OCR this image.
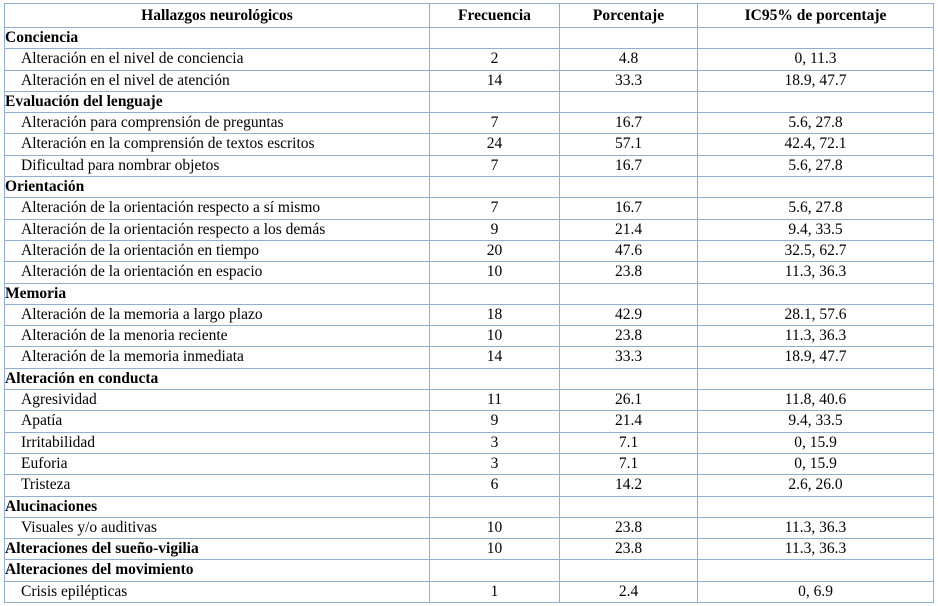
Hallazgos neurológicos	Frecuencia	Porcentaje	IC95% de porcentaje
Conciencia			
Alteración en el nivel de conciencia	2	4.8	0, 11.3
Alteración en el nivel de atención	14	33.3	18.9, 47.7
Evaluación del lenguaje			
Alteración para comprensión de preguntas	7	16.7	5.6, 27.8
Alteración en la comprensión de textos escritos	24	57.1	42.4, 72.1
Dificultad para nombrar objetos	7	16.7	5.6, 27.8
Orientación			
Alteración de la orientación respecto a sí mismo	7	16.7	5.6, 27.8
Alteración de la orientación respecto a los demás	9	21.4	9.4, 33.5
Alteración de la orientación en tiempo	20	47.6	32.5, 62.7
Alteración de la orientación en espacio	10	23.8	11.3, 36.3
Memoria			
Alteración de la memoria a largo plazo	18	42.9	28.1, 57.6
Alteración de la menoria reciente	10	23.8	11.3, 36.3
Alteración de la memoria inmediata	14	33.3	18.9, 47.7
Alteración en conducta			
Agresividad	11	26.1	11.8, 40.6
Apatía	9	21.4	9.4, 33.5
Irritabilidad	3	7.1	0, 15.9
Euforia	3	7.1	0, 15.9
Tristeza	6	14.2	2.6, 26.0
Alucinaciones			
Visuales y/o auditivas	10	23.8	11.3, 36.3
Alteraciones del sueño-vigilia	10	23.8	11.3, 36.3
Alteraciones del movimiento			
Crisis epilépticas	1	2.4	0, 6.9
